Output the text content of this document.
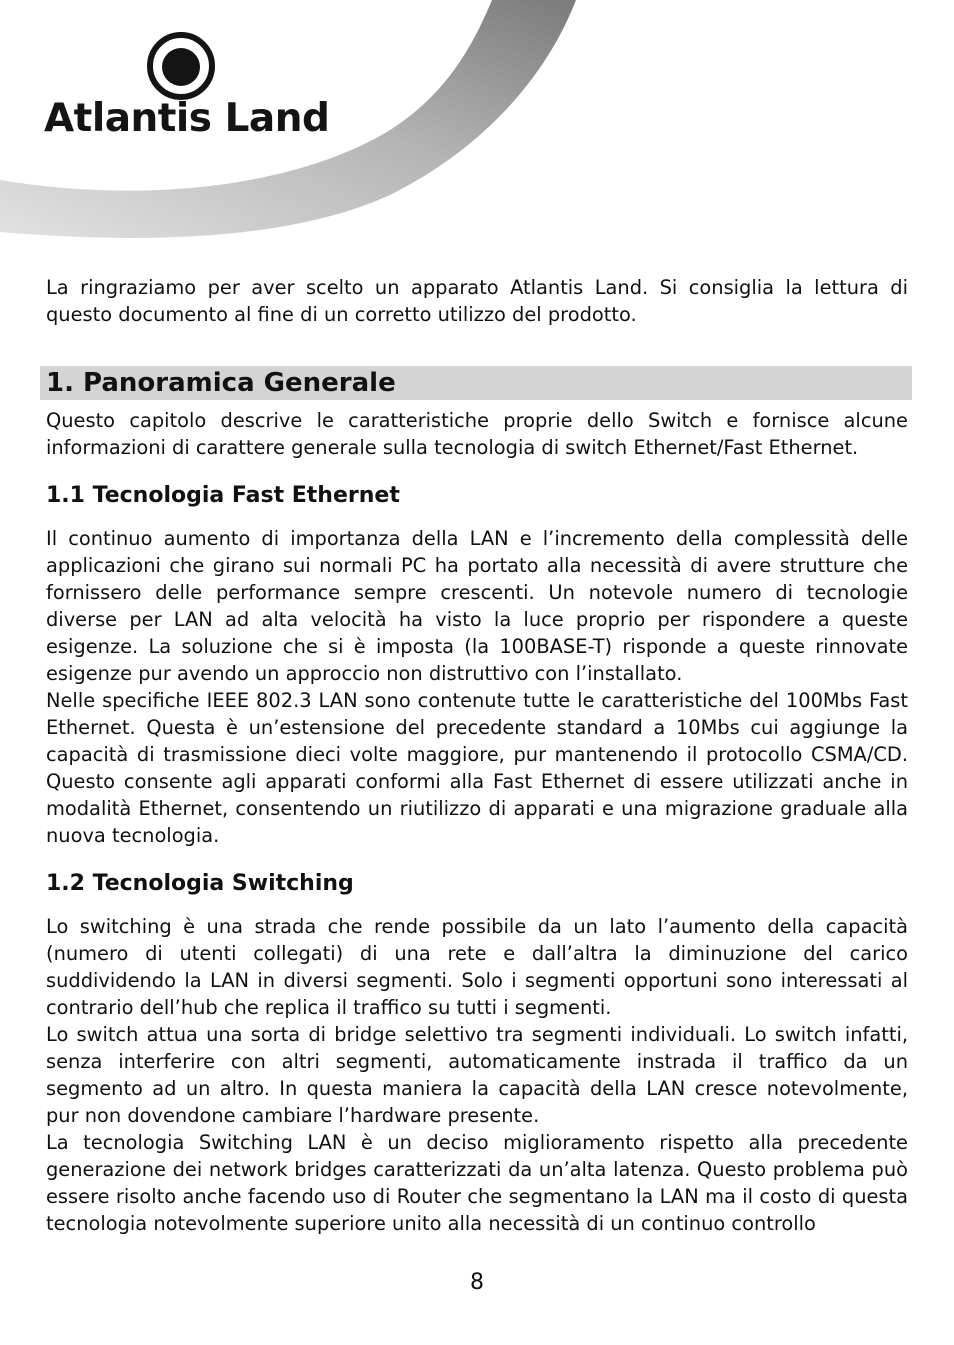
Atlantis Land

La ringraziamo per aver scelto un apparato Atlantis Land. Si consiglia la lettura di questo documento al fine di un corretto utilizzo del prodotto.

1. Panoramica Generale

Questo capitolo descrive le caratteristiche proprie dello Switch e fornisce alcune informazioni di carattere generale sulla tecnologia di switch Ethernet/Fast Ethernet.

1.1 Tecnologia Fast Ethernet

Il continuo aumento di importanza della LAN e l’incremento della complessità delle applicazioni che girano sui normali PC ha portato alla necessità di avere strutture che fornissero delle performance sempre crescenti. Un notevole numero di tecnologie diverse per LAN ad alta velocità ha visto la luce proprio per rispondere a queste esigenze. La soluzione che si è imposta (la 100BASE-T) risponde a queste rinnovate esigenze pur avendo un approccio non distruttivo con l’installato.

Nelle specifiche IEEE 802.3 LAN sono contenute tutte le caratteristiche del 100Mbs Fast Ethernet. Questa è un’estensione del precedente standard a 10Mbs cui aggiunge la capacità di trasmissione dieci volte maggiore, pur mantenendo il protocollo CSMA/CD. Questo consente agli apparati conformi alla Fast Ethernet di essere utilizzati anche in modalità Ethernet, consentendo un riutilizzo di apparati e una migrazione graduale alla nuova tecnologia.

1.2 Tecnologia Switching

Lo switching è una strada che rende possibile da un lato l’aumento della capacità (numero di utenti collegati) di una rete e dall’altra la diminuzione del carico suddividendo la LAN in diversi segmenti. Solo i segmenti opportuni sono interessati al contrario dell’hub che replica il traffico su tutti i segmenti.

Lo switch attua una sorta di bridge selettivo tra segmenti individuali. Lo switch infatti, senza interferire con altri segmenti, automaticamente instrada il traffico da un segmento ad un altro. In questa maniera la capacità della LAN cresce notevolmente, pur non dovendone cambiare l’hardware presente.

La tecnologia Switching LAN è un deciso miglioramento rispetto alla precedente generazione dei network bridges caratterizzati da un’alta latenza. Questo problema può essere risolto anche facendo uso di Router che segmentano la LAN ma il costo di questa tecnologia notevolmente superiore unito alla necessità di un continuo controllo

8
